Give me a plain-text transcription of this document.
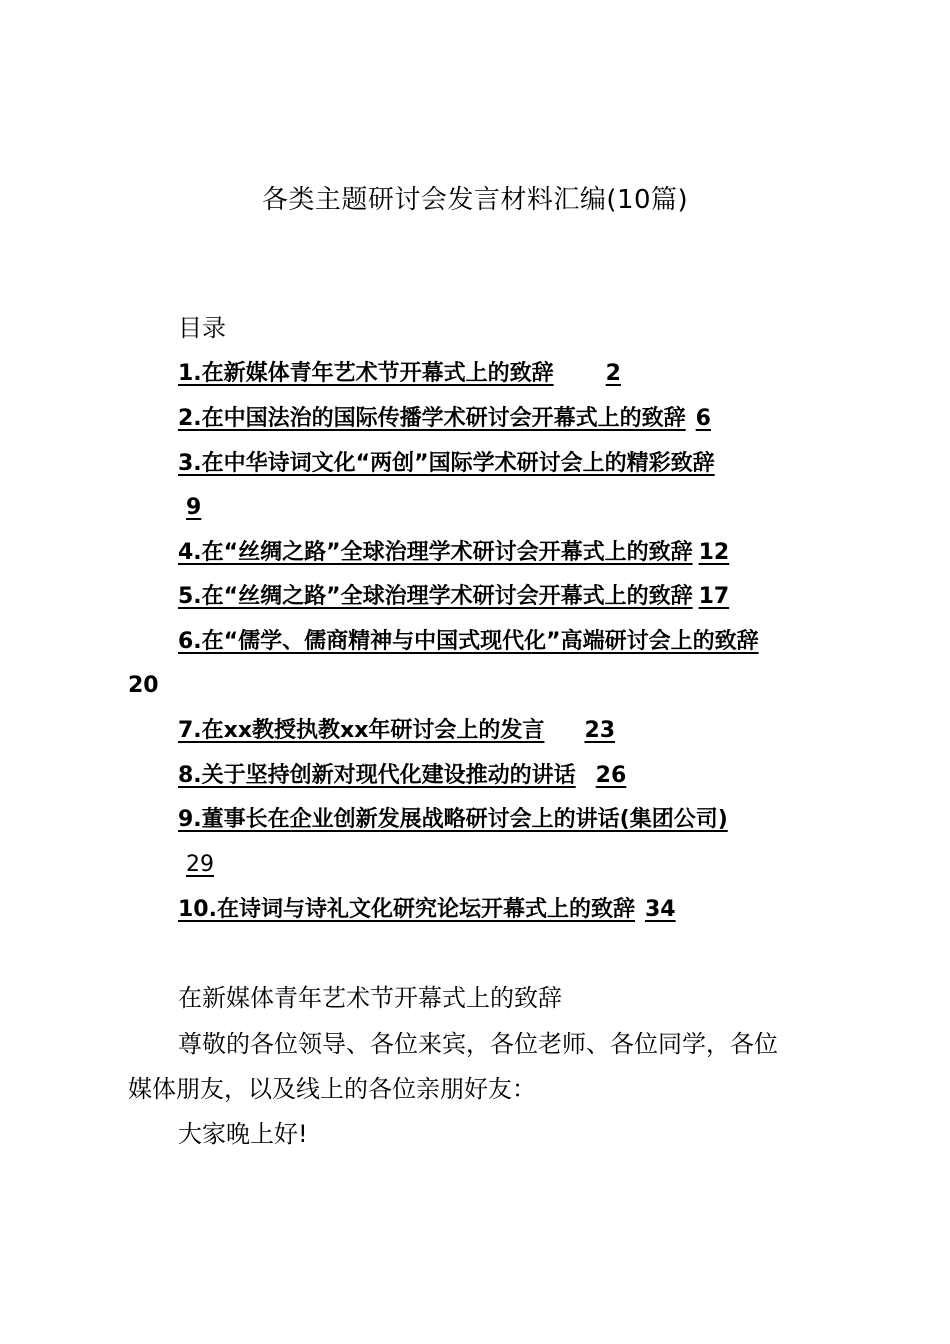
各类主题研讨会发言材料汇编(10篇)
目录
1.在新媒体青年艺术节开幕式上的致辞 2
2.在中国法治的国际传播学术研讨会开幕式上的致辞 6
3.在中华诗词文化“两创”国际学术研讨会上的精彩致辞
9
4.在“丝绸之路”全球治理学术研讨会开幕式上的致辞 12
5.在“丝绸之路”全球治理学术研讨会开幕式上的致辞 17
6.在“儒学、儒商精神与中国式现代化”高端研讨会上的致辞
20
7.在xx教授执教xx年研讨会上的发言 23
8.关于坚持创新对现代化建设推动的讲话 26
9.董事长在企业创新发展战略研讨会上的讲话(集团公司)
29
10.在诗词与诗礼文化研究论坛开幕式上的致辞 34
在新媒体青年艺术节开幕式上的致辞
尊敬的各位领导、各位来宾，各位老师、各位同学，各位
媒体朋友，以及线上的各位亲朋好友：
大家晚上好!
